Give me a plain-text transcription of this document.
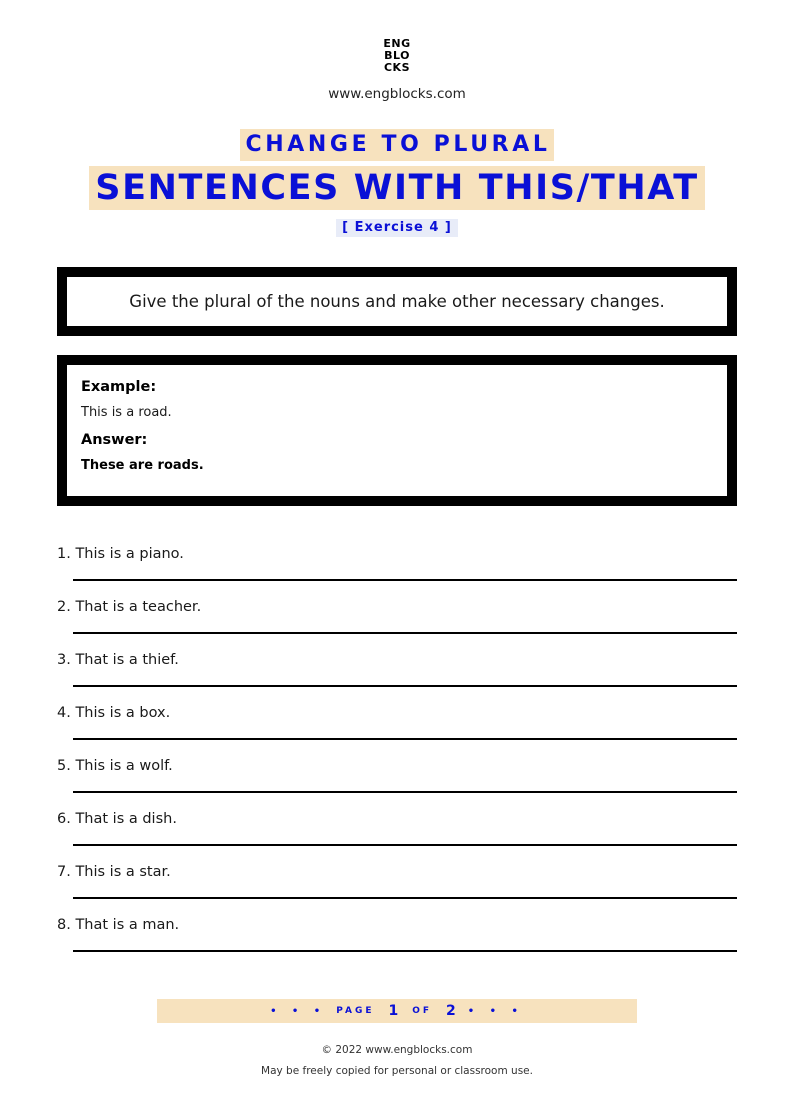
ENG
BLO
CKS
www.engblocks.com
CHANGE TO PLURAL
SENTENCES WITH THIS/THAT
[ Exercise 4 ]
Give the plural of the nouns and make other necessary changes.
Example:
This is a road.
Answer:
These are roads.
1. This is a piano.
2. That is a teacher.
3. That is a thief.
4. This is a box.
5. This is a wolf.
6. That is a dish.
7. This is a star.
8. That is a man.
• • • PAGE 1 OF 2 • • •
© 2022 www.engblocks.com
May be freely copied for personal or classroom use.
